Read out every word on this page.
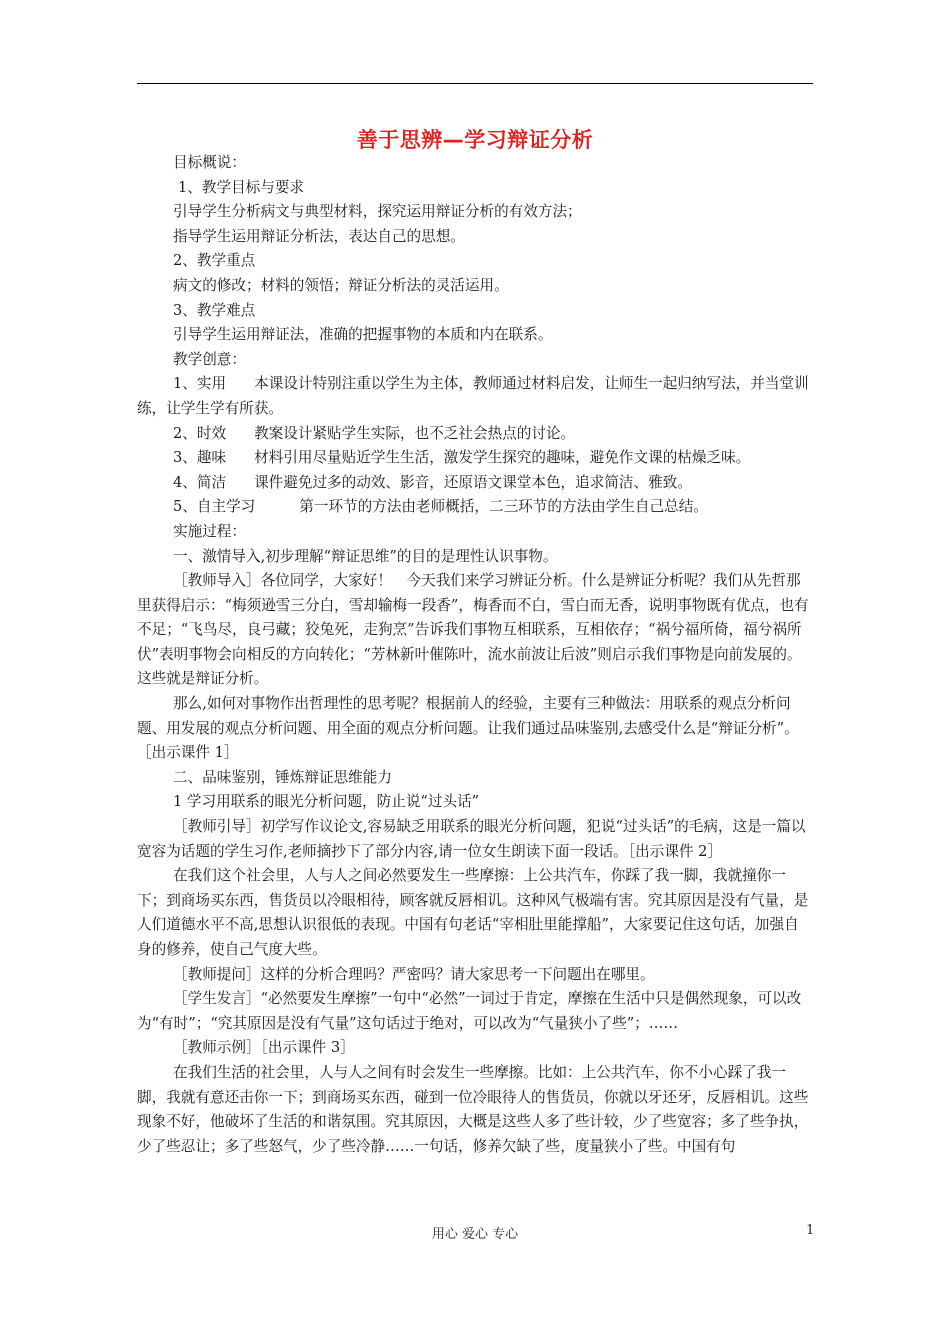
善于思辨—学习辩证分析

目标概说：

1、教学目标与要求

引导学生分析病文与典型材料，探究运用辩证分析的有效方法；

指导学生运用辩证分析法，表达自己的思想。

2、教学重点

病文的修改；材料的领悟；辩证分析法的灵活运用。

3、教学难点

引导学生运用辩证法，准确的把握事物的本质和内在联系。

教学创意：

1、实用 本课设计特别注重以学生为主体，教师通过材料启发，让师生一起归纳写法，并当堂训练，让学生学有所获。

2、时效 教案设计紧贴学生实际，也不乏社会热点的讨论。

3、趣味 材料引用尽量贴近学生生活，激发学生探究的趣味，避免作文课的枯燥乏味。

4、简洁 课件避免过多的动效、影音，还原语文课堂本色，追求简洁、雅致。

5、自主学习	第一环节的方法由老师概括，二三环节的方法由学生自己总结。

实施过程：

一、激情导入,初步理解“辩证思维”的目的是理性认识事物。

［教师导入］各位同学，大家好！　今天我们来学习辨证分析。什么是辨证分析呢？我们从先哲那里获得启示：“梅须逊雪三分白，雪却输梅一段香”，梅香而不白，雪白而无香，说明事物既有优点，也有不足；“飞鸟尽，良弓藏；狡兔死，走狗烹”告诉我们事物互相联系，互相依存；“祸兮福所倚，福兮祸所伏”表明事物会向相反的方向转化；“芳林新叶催陈叶，流水前波让后波”则启示我们事物是向前发展的。这些就是辩证分析。

那么,如何对事物作出哲理性的思考呢？根据前人的经验，主要有三种做法：用联系的观点分析问题、用发展的观点分析问题、用全面的观点分析问题。让我们通过品味鉴别,去感受什么是“辩证分析”。［出示课件 1］

二、品味鉴别，锤炼辩证思维能力

1 学习用联系的眼光分析问题，防止说“过头话”

［教师引导］初学写作议论文,容易缺乏用联系的眼光分析问题，犯说“过头话”的毛病，这是一篇以宽容为话题的学生习作,老师摘抄下了部分内容,请一位女生朗读下面一段话。［出示课件 2］

在我们这个社会里，人与人之间必然要发生一些摩擦：上公共汽车，你踩了我一脚，我就撞你一下；到商场买东西，售货员以冷眼相待，顾客就反唇相讥。这种风气极端有害。究其原因是没有气量，是人们道德水平不高,思想认识很低的表现。中国有句老话“宰相肚里能撑船”，大家要记住这句话，加强自身的修养，使自己气度大些。

［教师提问］这样的分析合理吗？严密吗？请大家思考一下问题出在哪里。

［学生发言］“必然要发生摩擦”一句中“必然”一词过于肯定，摩擦在生活中只是偶然现象，可以改为“有时”；“究其原因是没有气量”这句话过于绝对，可以改为“气量狭小了些”；……

［教师示例］［出示课件 3］

在我们生活的社会里，人与人之间有时会发生一些摩擦。比如：上公共汽车，你不小心踩了我一脚，我就有意还击你一下；到商场买东西，碰到一位冷眼待人的售货员，你就以牙还牙，反唇相讥。这些现象不好，他破坏了生活的和谐氛围。究其原因，大概是这些人多了些计较，少了些宽容；多了些争执，少了些忍让；多了些怒气，少了些冷静……一句话，修养欠缺了些，度量狭小了些。中国有句

用心 爱心 专心	1
